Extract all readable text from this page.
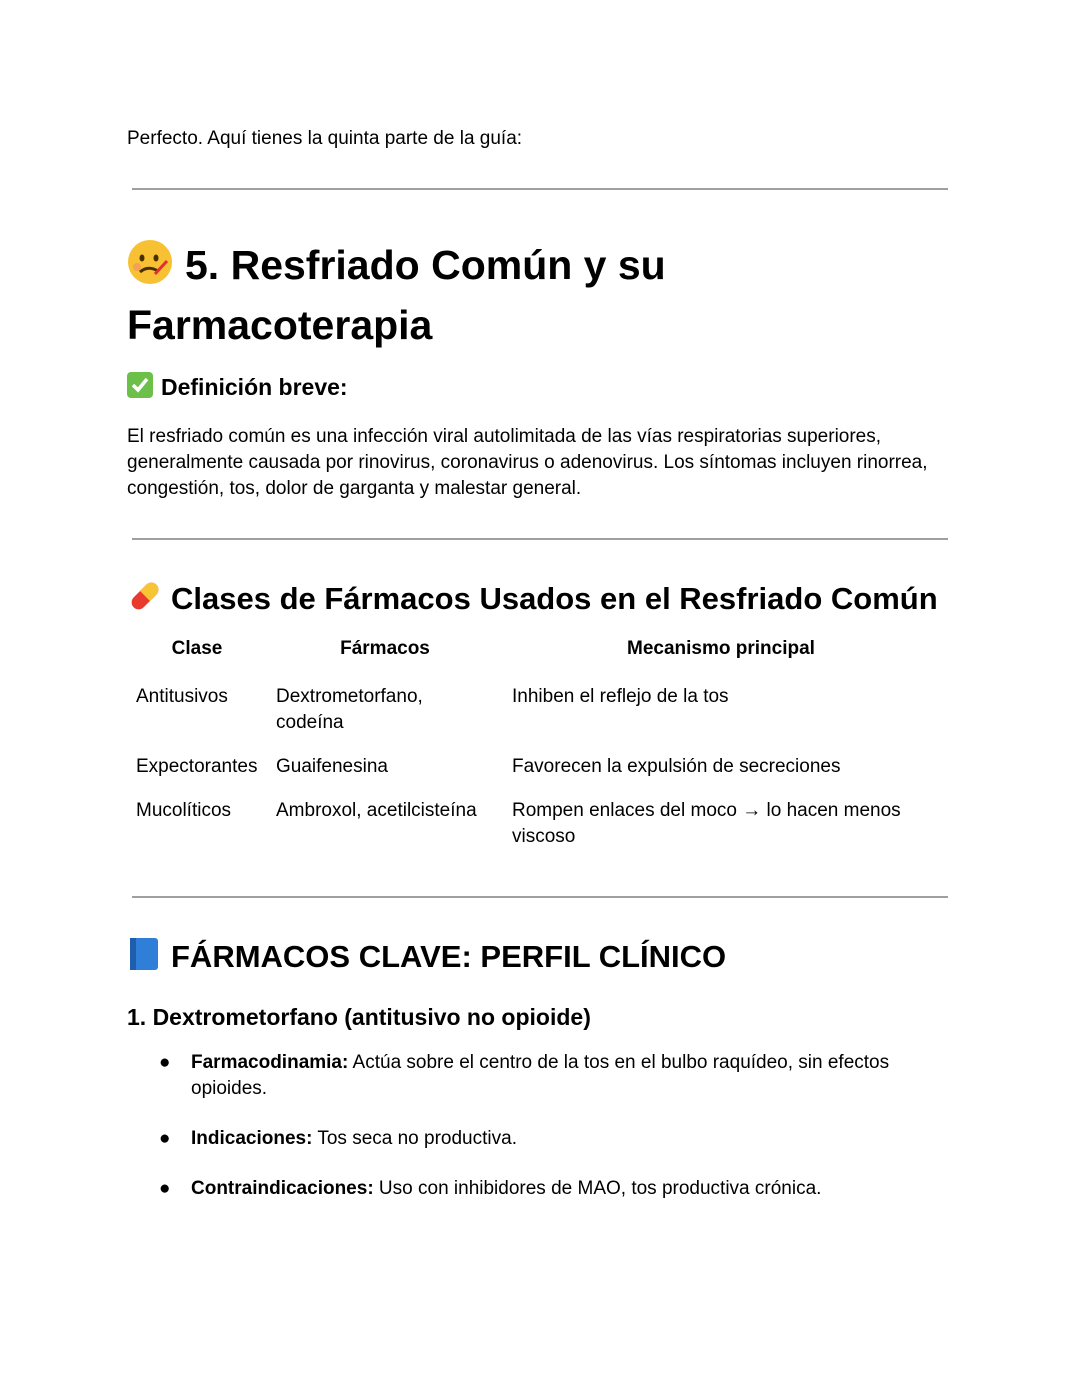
Perfecto. Aquí tienes la quinta parte de la guía:
5. Resfriado Común y su
Farmacoterapia
Definición breve:

El resfriado común es una infección viral autolimitada de las vías respiratorias superiores, generalmente causada por rinovirus, coronavirus o adenovirus. Los síntomas incluyen rinorrea, congestión, tos, dolor de garganta y malestar general.

Clases de Fármacos Usados en el Resfriado Común
Clase	Fármacos	Mecanismo principal
Antitusivos	Dextrometorfano, codeína	Inhiben el reflejo de la tos
Expectorantes	Guaifenesina	Favorecen la expulsión de secreciones
Mucolíticos	Ambroxol, acetilcisteína	Rompen enlaces del moco → lo hacen menos viscoso
FÁRMACOS CLAVE: PERFIL CLÍNICO
1. Dextrometorfano (antitusivo no opioide)
● Farmacodinamia: Actúa sobre el centro de la tos en el bulbo raquídeo, sin efectos opioides.
● Indicaciones: Tos seca no productiva.
● Contraindicaciones: Uso con inhibidores de MAO, tos productiva crónica.
